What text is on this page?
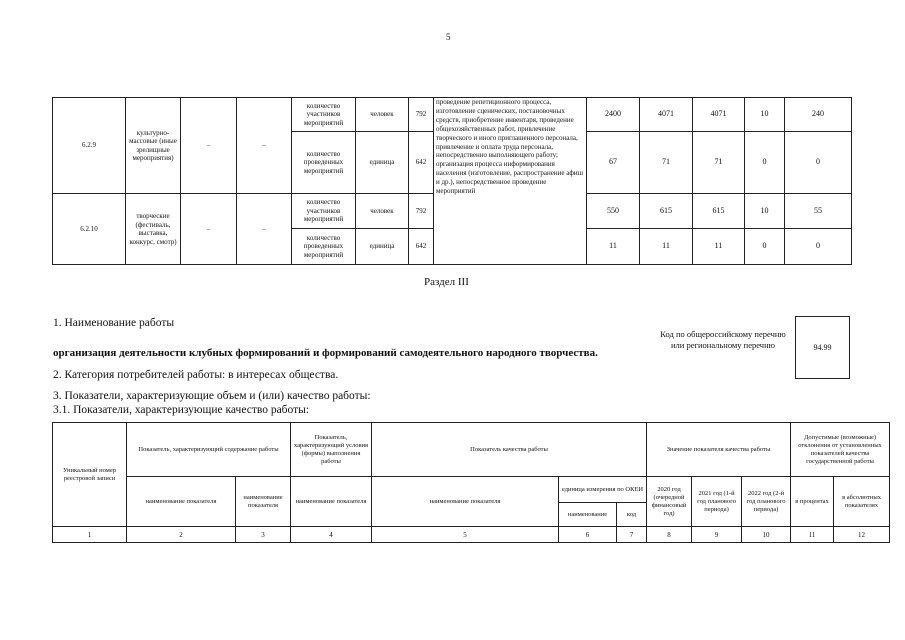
5
6.2.9	культурно-массовые (иные зрелищные мероприятия)	–	–	количество участников мероприятий	человек	792	проведение репетиционного процесса, изготовление сценических, постановочных средств, приобретение инвентаря, проведение общехозяйственных работ, привлечение творческого и иного приглашенного персонала, привлечение и оплата труда персонала, непосредственно выполняющего работу; организация процесса информирования населения (изготовление, распространение афиш и др.), непосредственное проведение мероприятий	2400	4071	4071	10	240
				количество проведенных мероприятий	единица	642		67	71	71	0	0
6.2.10	творческие (фестиваль, выставка, конкурс, смотр)	–	–	количество участников мероприятий	человек	792		550	615	615	10	55
				количество проведенных мероприятий	единица	642		11	11	11	0	0
Раздел III
1. Наименование работы
организация деятельности клубных формирований и формирований самодеятельного народного творчества.
2. Категория потребителей работы: в интересах общества.
3. Показатели, характеризующие объем и (или) качество работы:
3.1. Показатели, характеризующие качество работы:
Код по общероссийскому перечню или региональному перечню	94.99
Уникальный номер реестровой записи	Показатель, характеризующий содержание работы		Показатель, характеризующий условия (формы) выполнения работы	Показатель качества работы			Значение показателя качества работы			Допустимые (возможные) отклонения от установленных показателей качества государственной работы	
	наименование показателя	наименование показателя	наименование показателя	наименование показателя	единица измерения по ОКЕИ		2020 год (очередной финансовый год)	2021 год (1-й год планового периода)	2022 год (2-й год планового периода)	в процентах	в абсолютных показателях
					наименование	код					
1	2	3	4	5	6	7	8	9	10	11	12
